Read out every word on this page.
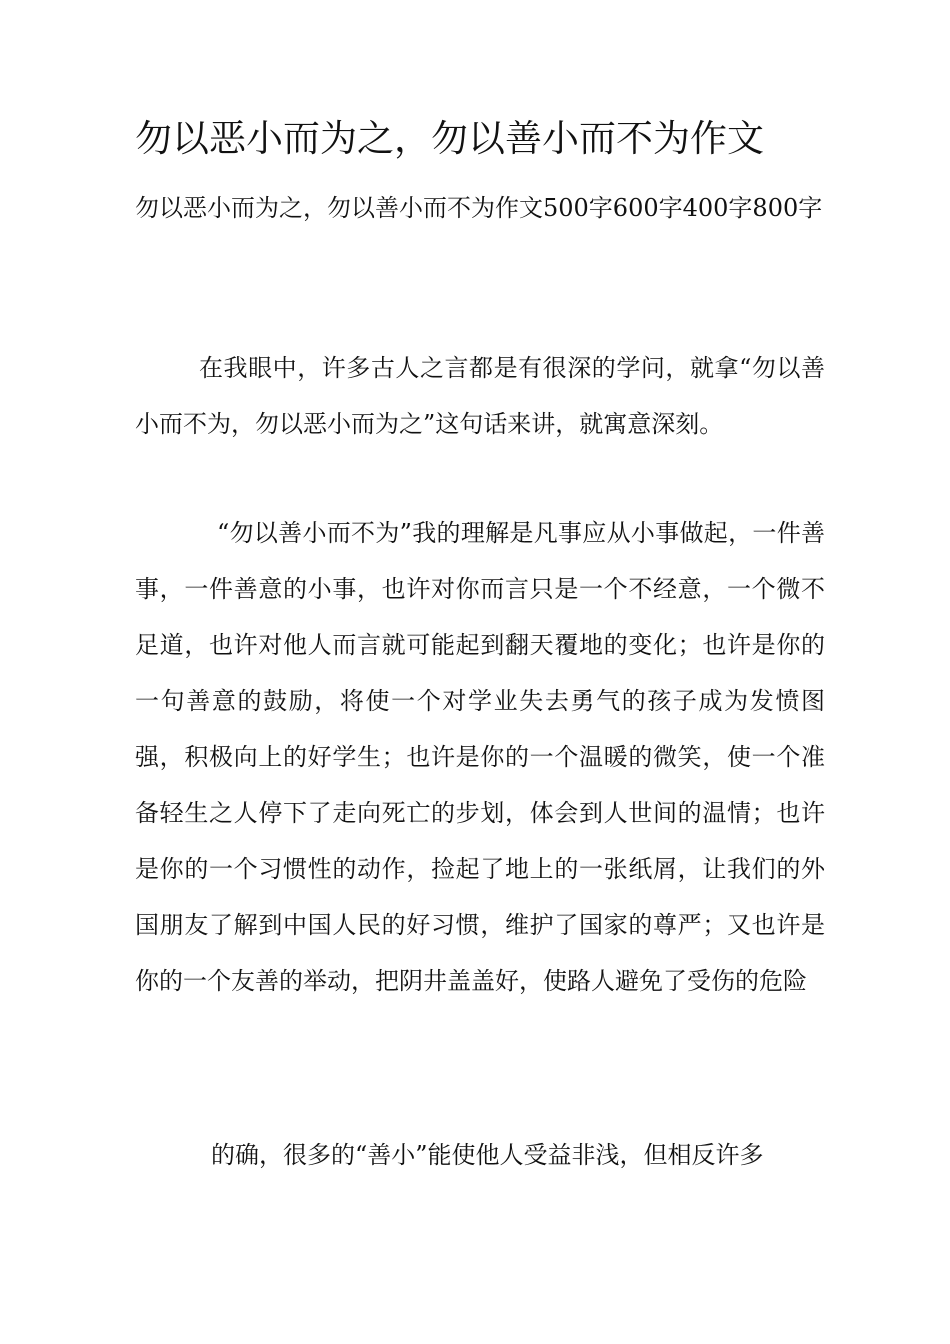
勿以恶小而为之，勿以善小而不为作文

勿以恶小而为之，勿以善小而不为作文500字600字400字800字

在我眼中，许多古人之言都是有很深的学问，就拿“勿以善小而不为，勿以恶小而为之”这句话来讲，就寓意深刻。

“勿以善小而不为”我的理解是凡事应从小事做起，一件善事，一件善意的小事，也许对你而言只是一个不经意，一个微不足道，也许对他人而言就可能起到翻天覆地的变化；也许是你的一句善意的鼓励，将使一个对学业失去勇气的孩子成为发愤图强，积极向上的好学生；也许是你的一个温暖的微笑，使一个准备轻生之人停下了走向死亡的步划，体会到人世间的温情；也许是你的一个习惯性的动作，捡起了地上的一张纸屑，让我们的外国朋友了解到中国人民的好习惯，维护了国家的尊严；又也许是你的一个友善的举动，把阴井盖盖好，使路人避免了受伤的危险

的确，很多的“善小”能使他人受益非浅，但相反许多
